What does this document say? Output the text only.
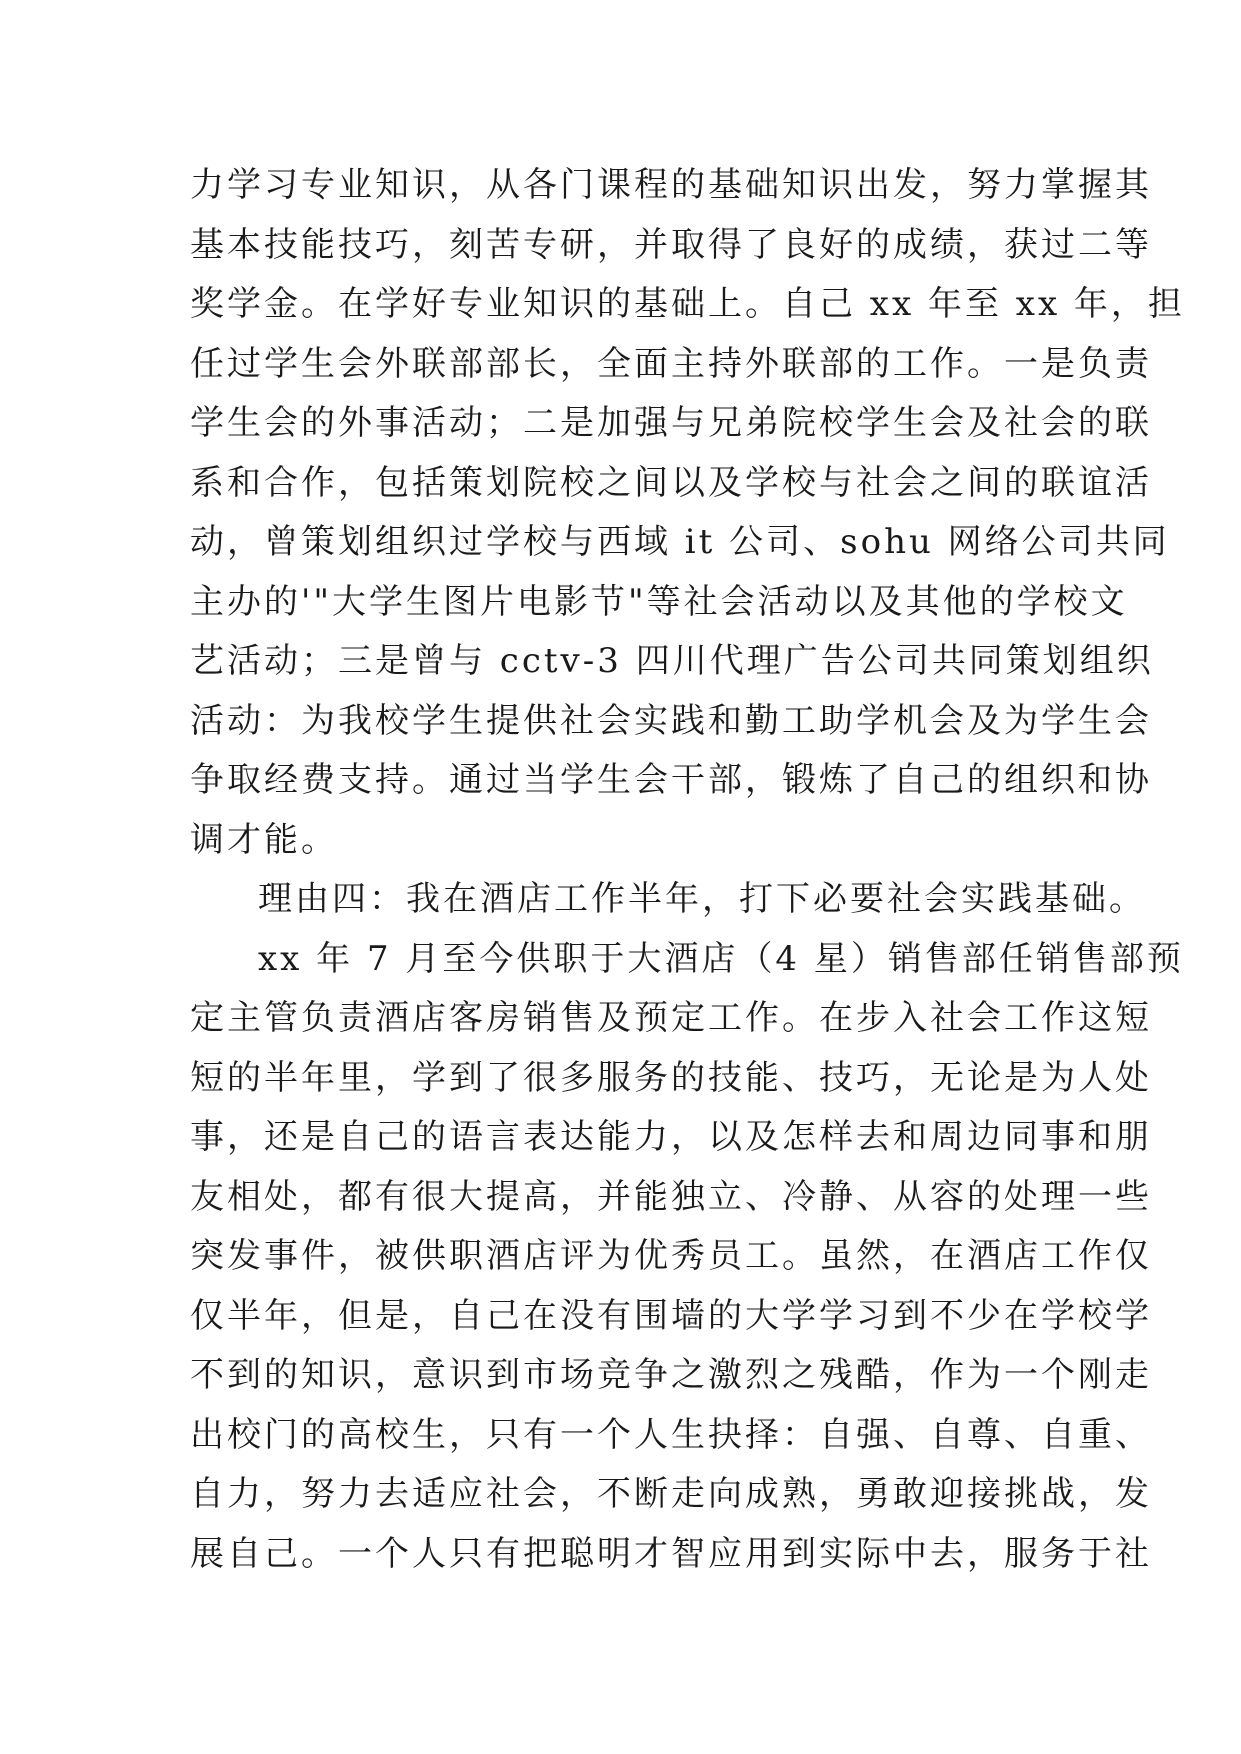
力学习专业知识，从各门课程的基础知识出发，努力掌握其
基本技能技巧，刻苦专研，并取得了良好的成绩，获过二等
奖学金。在学好专业知识的基础上。自己 xx 年至 xx 年，担
任过学生会外联部部长，全面主持外联部的工作。一是负责
学生会的外事活动；二是加强与兄弟院校学生会及社会的联
系和合作，包括策划院校之间以及学校与社会之间的联谊活
动，曾策划组织过学校与西域 it 公司、sohu 网络公司共同
主办的'"大学生图片电影节"等社会活动以及其他的学校文
艺活动；三是曾与 cctv-3 四川代理广告公司共同策划组织
活动：为我校学生提供社会实践和勤工助学机会及为学生会
争取经费支持。通过当学生会干部，锻炼了自己的组织和协
调才能。
理由四：我在酒店工作半年，打下必要社会实践基础。
xx 年 7 月至今供职于大酒店（4 星）销售部任销售部预
定主管负责酒店客房销售及预定工作。在步入社会工作这短
短的半年里，学到了很多服务的技能、技巧，无论是为人处
事，还是自己的语言表达能力，以及怎样去和周边同事和朋
友相处，都有很大提高，并能独立、冷静、从容的处理一些
突发事件，被供职酒店评为优秀员工。虽然，在酒店工作仅
仅半年，但是，自己在没有围墙的大学学习到不少在学校学
不到的知识，意识到市场竞争之激烈之残酷，作为一个刚走
出校门的高校生，只有一个人生抉择：自强、自尊、自重、
自力，努力去适应社会，不断走向成熟，勇敢迎接挑战，发
展自己。一个人只有把聪明才智应用到实际中去，服务于社
